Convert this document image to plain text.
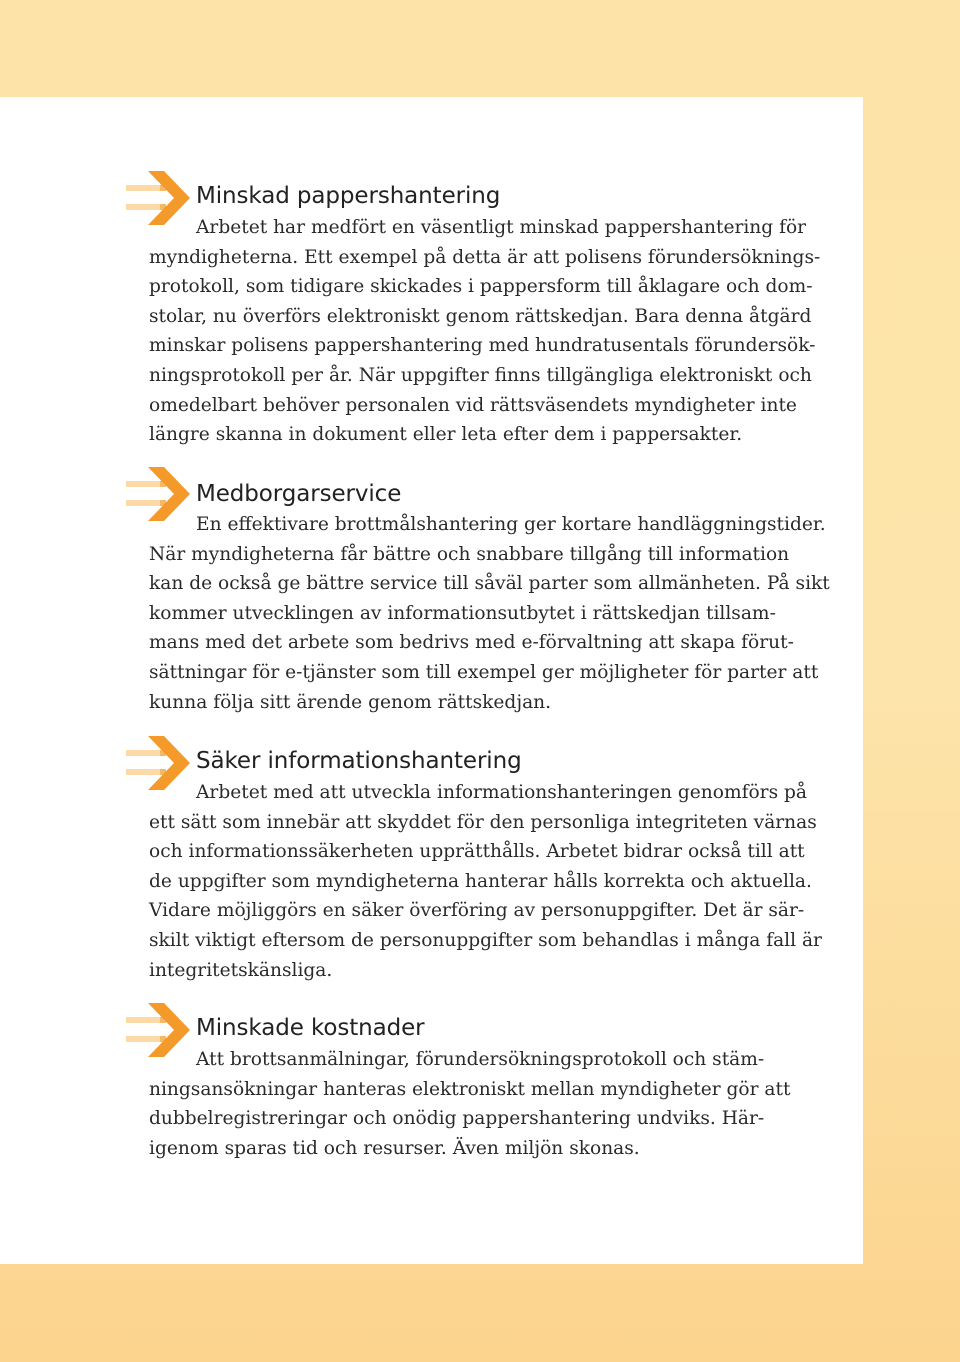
Minskad pappershantering

Arbetet har medfört en väsentligt minskad pappershantering för
myndigheterna. Ett exempel på detta är att polisens förundersöknings-
protokoll, som tidigare skickades i pappersform till åklagare och dom-
stolar, nu överförs elektroniskt genom rättskedjan. Bara denna åtgärd
minskar polisens pappershantering med hundratusentals förundersök-
ningsprotokoll per år. När uppgifter finns tillgängliga elektroniskt och
omedelbart behöver personalen vid rättsväsendets myndigheter inte
längre skanna in dokument eller leta efter dem i pappersakter.

Medborgarservice

En effektivare brottmålshantering ger kortare handläggningstider.
När myndigheterna får bättre och snabbare tillgång till information
kan de också ge bättre service till såväl parter som allmänheten. På sikt
kommer utvecklingen av informationsutbytet i rättskedjan tillsam-
mans med det arbete som bedrivs med e-förvaltning att skapa förut-
sättningar för e-tjänster som till exempel ger möjligheter för parter att
kunna följa sitt ärende genom rättskedjan.

Säker informationshantering

Arbetet med att utveckla informationshanteringen genomförs på
ett sätt som innebär att skyddet för den personliga integriteten värnas
och informationssäkerheten upprätthålls. Arbetet bidrar också till att
de uppgifter som myndigheterna hanterar hålls korrekta och aktuella.
Vidare möjliggörs en säker överföring av personuppgifter. Det är sär-
skilt viktigt eftersom de personuppgifter som behandlas i många fall är
integritetskänsliga.

Minskade kostnader

Att brottsanmälningar, förundersökningsprotokoll och stäm-
ningsansökningar hanteras elektroniskt mellan myndigheter gör att
dubbelregistreringar och onödig pappershantering undviks. Här-
igenom sparas tid och resurser. Även miljön skonas.
